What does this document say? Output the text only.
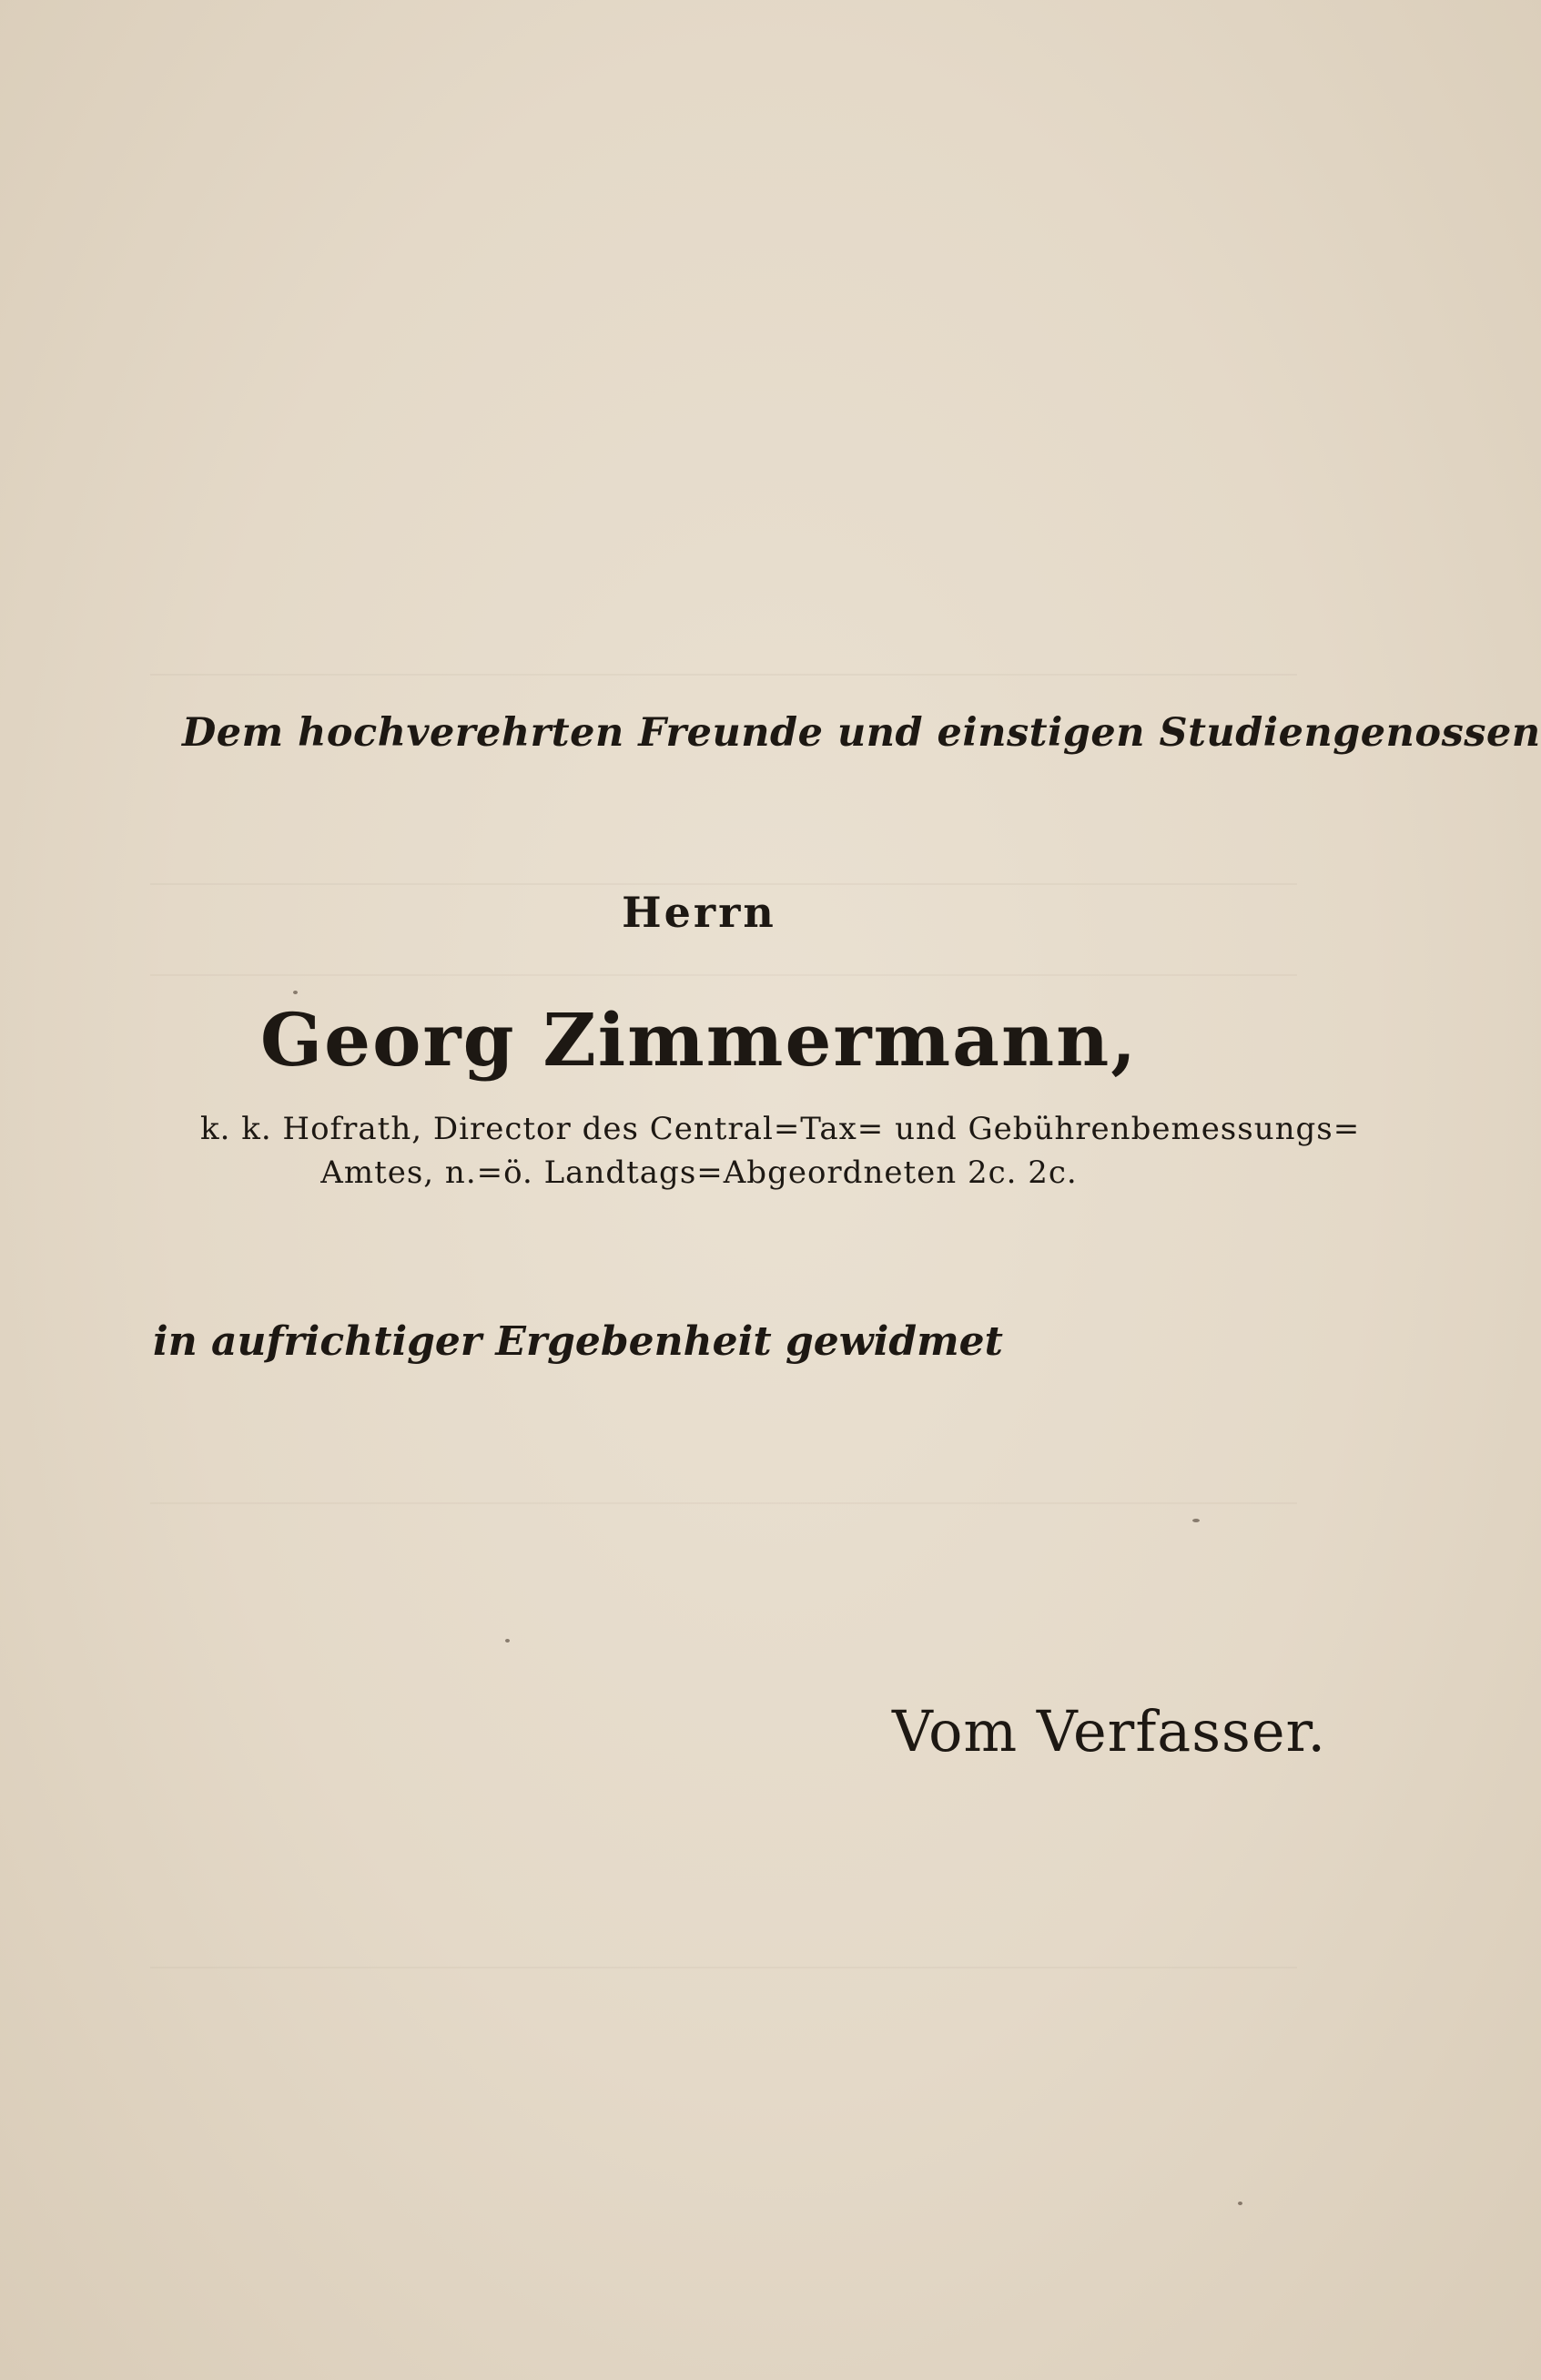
Dem hochverehrten Freunde und einstigen Studiengenossen
Herrn
Georg Zimmermann,
k. k. Hofrath, Director des Central=Tax= und Gebührenbemessungs=
Amtes, n.=ö. Landtags=Abgeordneten 2c. 2c.
in aufrichtiger Ergebenheit gewidmet
Vom Verfasser.
